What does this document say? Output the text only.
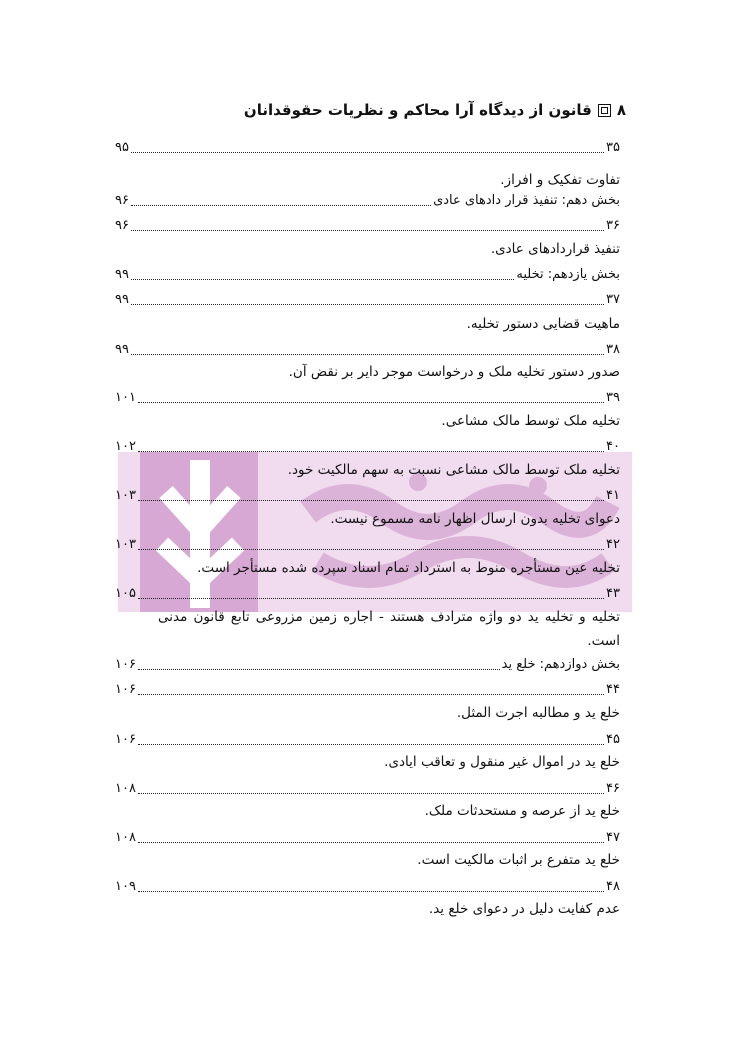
۸
قانون از دیدگاه آرا محاکم و نظریات حقوقدانان
۳۵
۹۵
تفاوت تفکیک و افراز.
بخش دهم: تنفیذ قرار دادهای عادی
۹۶
۳۶
۹۶
تنفیذ قراردادهای عادی.
بخش یازدهم: تخلیه
۹۹
۳۷
۹۹
ماهیت قضایی دستور تخلیه.
۳۸
۹۹
صدور دستور تخلیه ملک و درخواست موجر دایر بر نقض آن.
۳۹
۱۰۱
تخلیه ملک توسط مالک مشاعی.
۴۰
۱۰۲
تخلیه ملک توسط مالک مشاعی نسبت به سهم مالکیت خود.
۴۱
۱۰۳
دعوای تخلیه بدون ارسال اظهار نامه مسموع نیست.
۴۲
۱۰۳
تخلیه عین مستأجره منوط به استرداد تمام اسناد سپرده شده مستأجر است.
۴۳
۱۰۵
تخلیه و تخلیه ید دو واژه مترادف هستند - اجاره زمین مزروعی تابع قانون مدنی است.
بخش دوازدهم: خلع ید
۱۰۶
۴۴
۱۰۶
خلع ید و مطالبه اجرت المثل.
۴۵
۱۰۶
خلع ید در اموال غیر منقول و تعاقب ایادی.
۴۶
۱۰۸
خلع ید از عرصه و مستحدثات ملک.
۴۷
۱۰۸
خلع ید متفرع بر اثبات مالکیت است.
۴۸
۱۰۹
عدم کفایت دلیل در دعوای خلع ید.
